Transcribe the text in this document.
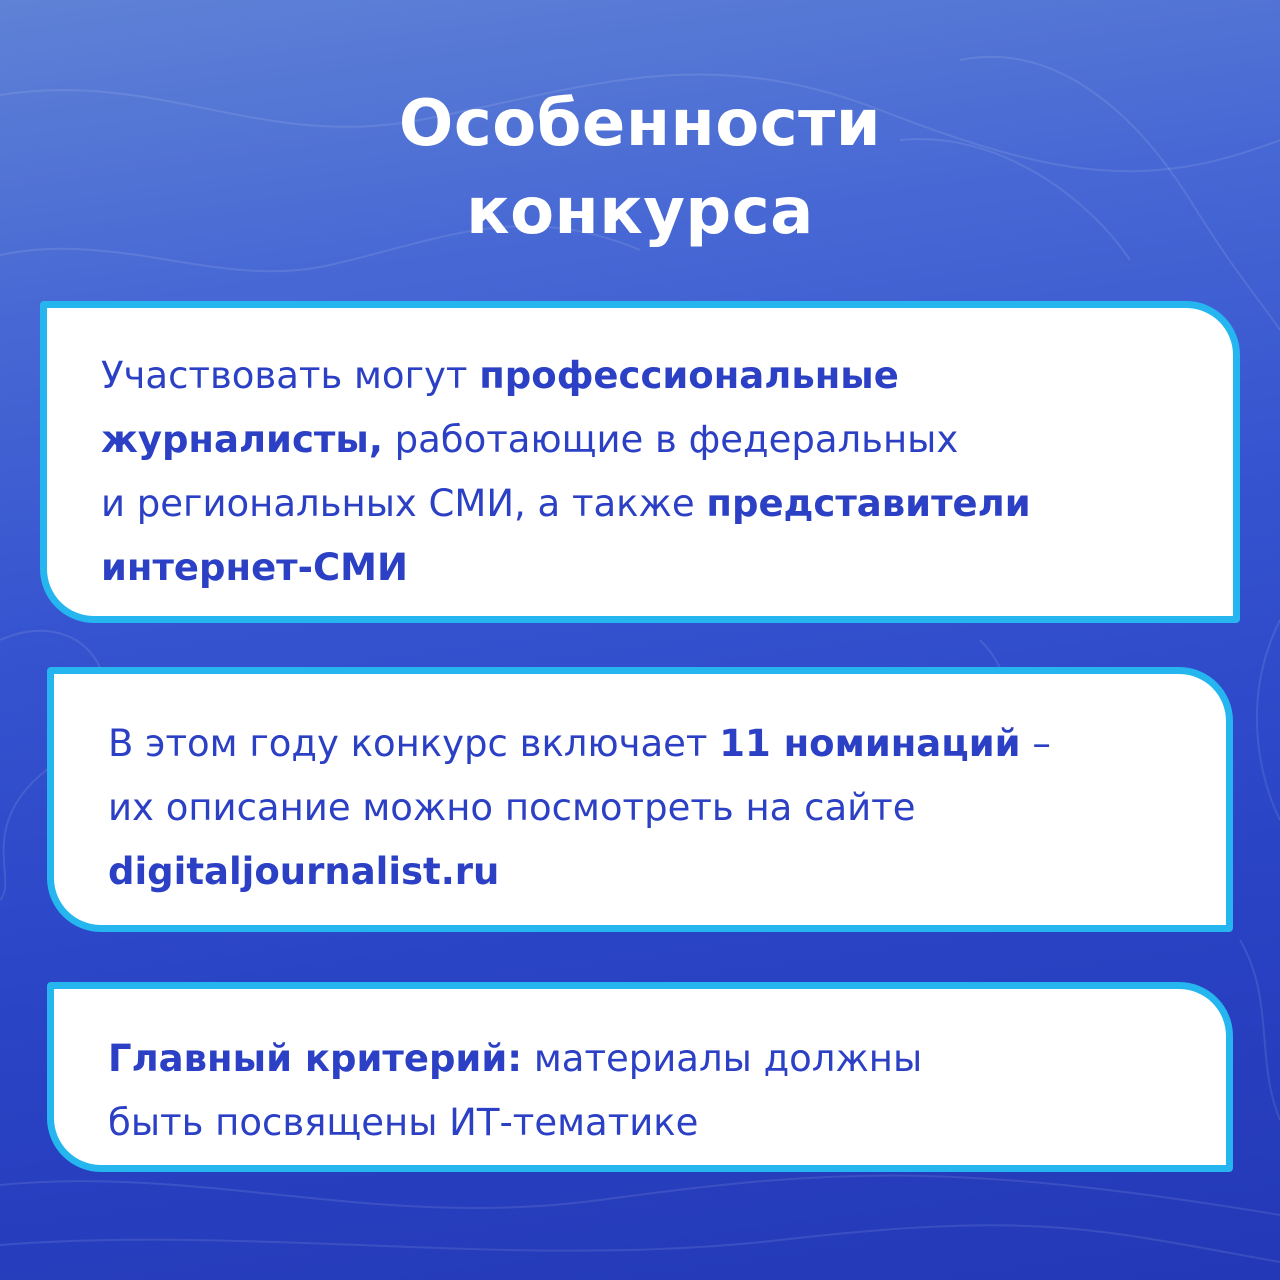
Особенности
конкурса
Участвовать могут профессиональные
журналисты, работающие в федеральных
и региональных СМИ, а также представители
интернет-СМИ
В этом году конкурс включает 11 номинаций –
их описание можно посмотреть на сайте
digitaljournalist.ru
Главный критерий: материалы должны
быть посвящены ИТ-тематике
